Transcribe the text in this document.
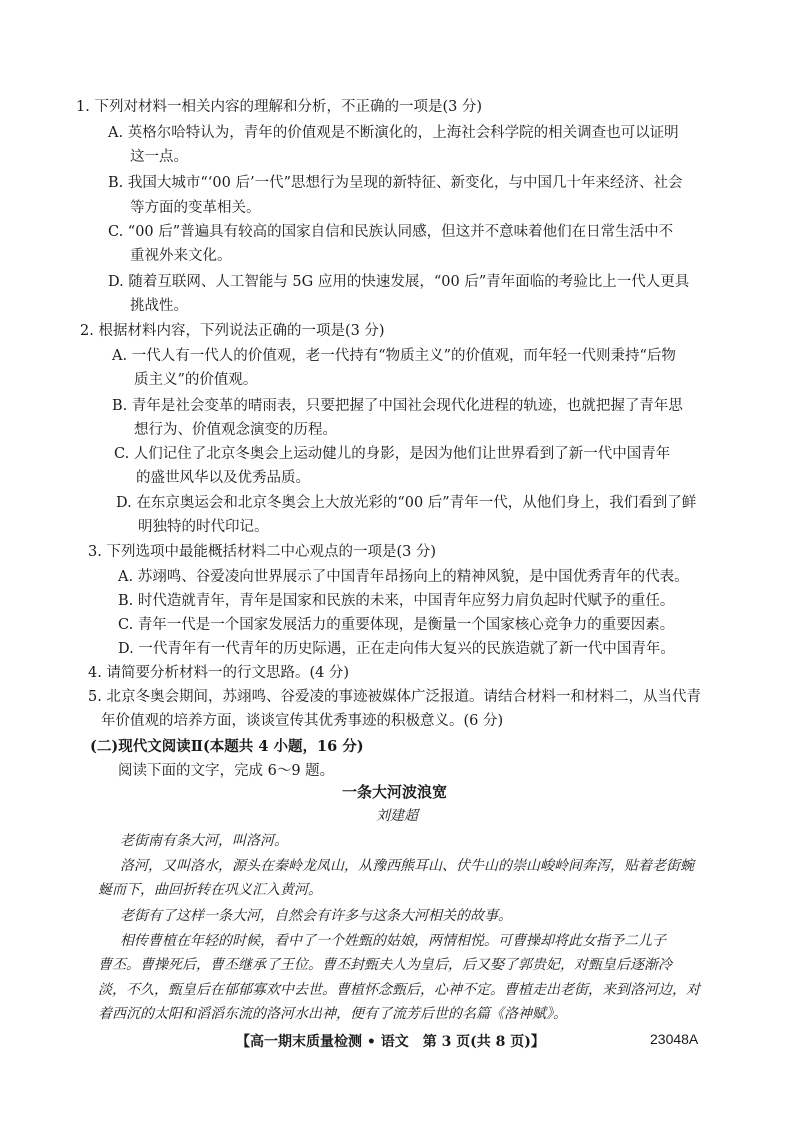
1. 下列对材料一相关内容的理解和分析，不正确的一项是(3 分)
A. 英格尔哈特认为，青年的价值观是不断演化的，上海社会科学院的相关调查也可以证明
这一点。
B. 我国大城市“‘00 后’一代”思想行为呈现的新特征、新变化，与中国几十年来经济、社会
等方面的变革相关。
C. “00 后”普遍具有较高的国家自信和民族认同感，但这并不意味着他们在日常生活中不
重视外来文化。
D. 随着互联网、人工智能与 5G 应用的快速发展，“00 后”青年面临的考验比上一代人更具
挑战性。
2. 根据材料内容，下列说法正确的一项是(3 分)
A. 一代人有一代人的价值观，老一代持有“物质主义”的价值观，而年轻一代则秉持“后物
质主义”的价值观。
B. 青年是社会变革的晴雨表，只要把握了中国社会现代化进程的轨迹，也就把握了青年思
想行为、价值观念演变的历程。
C. 人们记住了北京冬奥会上运动健儿的身影，是因为他们让世界看到了新一代中国青年
的盛世风华以及优秀品质。
D. 在东京奥运会和北京冬奥会上大放光彩的“00 后”青年一代，从他们身上，我们看到了鲜
明独特的时代印记。
3. 下列选项中最能概括材料二中心观点的一项是(3 分)
A. 苏翊鸣、谷爱凌向世界展示了中国青年昂扬向上的精神风貌，是中国优秀青年的代表。
B. 时代造就青年，青年是国家和民族的未来，中国青年应努力肩负起时代赋予的重任。
C. 青年一代是一个国家发展活力的重要体现，是衡量一个国家核心竞争力的重要因素。
D. 一代青年有一代青年的历史际遇，正在走向伟大复兴的民族造就了新一代中国青年。
4. 请简要分析材料一的行文思路。(4 分)
5. 北京冬奥会期间，苏翊鸣、谷爱凌的事迹被媒体广泛报道。请结合材料一和材料二，从当代青
年价值观的培养方面，谈谈宣传其优秀事迹的积极意义。(6 分)
(二)现代文阅读Ⅱ(本题共 4 小题，16 分)
阅读下面的文字，完成 6～9 题。
一条大河波浪宽
刘建超
老街南有条大河，叫洛河。
洛河，又叫洛水，源头在秦岭龙凤山，从豫西熊耳山、伏牛山的崇山峻岭间奔泻，贴着老街蜿
蜒而下，曲回折转在巩义汇入黄河。
老街有了这样一条大河，自然会有许多与这条大河相关的故事。
相传曹植在年轻的时候，看中了一个姓甄的姑娘，两情相悦。可曹操却将此女指予二儿子
曹丕。曹操死后，曹丕继承了王位。曹丕封甄夫人为皇后，后又娶了郭贵妃，对甄皇后逐渐冷
淡，不久，甄皇后在郁郁寡欢中去世。曹植怀念甄后，心神不定。曹植走出老街，来到洛河边，对
着西沉的太阳和滔滔东流的洛河水出神，便有了流芳后世的名篇《洛神赋》。
【高一期末质量检测 • 语文　第 3 页(共 8 页)】	23048A
